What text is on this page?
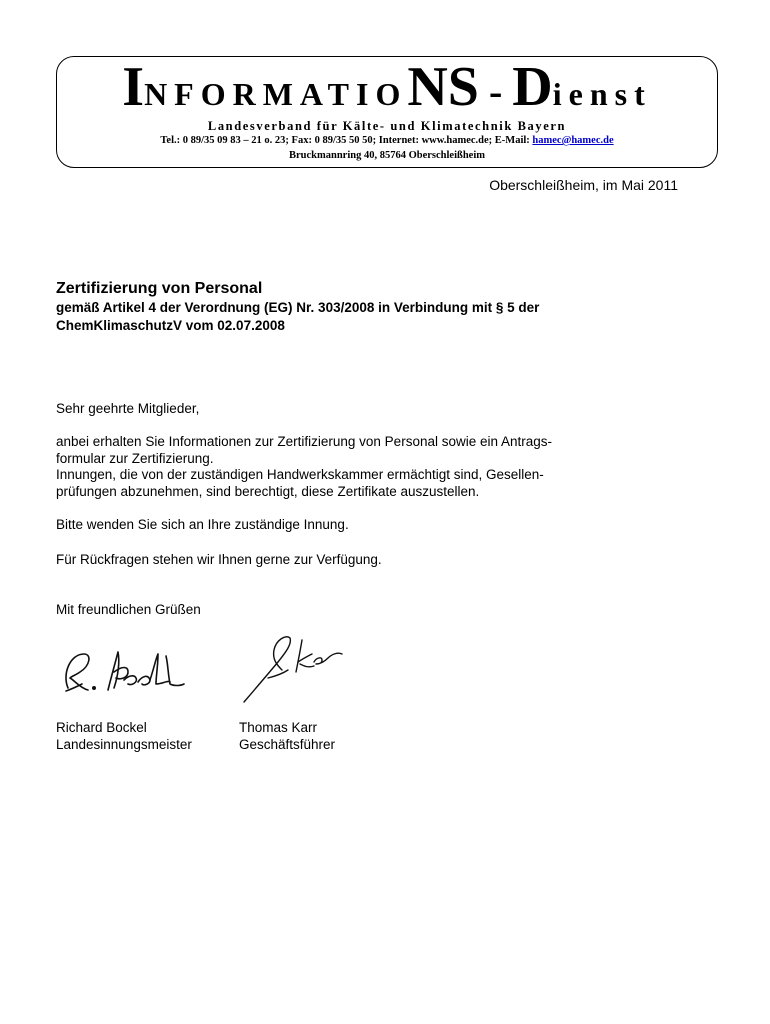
INFORMATIONS - Dienst
Landesverband für Kälte- und Klimatechnik Bayern
Tel.: 0 89/35 09 83 – 21 o. 23; Fax: 0 89/35 50 50; Internet: www.hamec.de; E-Mail: hamec@hamec.de
Bruckmannring 40, 85764 Oberschleißheim
Oberschleißheim, im Mai 2011
Zertifizierung von Personal
gemäß Artikel 4 der Verordnung (EG) Nr. 303/2008 in Verbindung mit § 5 der
ChemKlimaschutzV vom 02.07.2008
Sehr geehrte Mitglieder,
anbei erhalten Sie Informationen zur Zertifizierung von Personal sowie ein Antrags-
formular zur Zertifizierung.
Innungen, die von der zuständigen Handwerkskammer ermächtigt sind, Gesellen-
prüfungen abzunehmen, sind berechtigt, diese Zertifikate auszustellen.
Bitte wenden Sie sich an Ihre zuständige Innung.
Für Rückfragen stehen wir Ihnen gerne zur Verfügung.
Mit freundlichen Grüßen
Richard Bockel
Landesinnungsmeister
Thomas Karr
Geschäftsführer
